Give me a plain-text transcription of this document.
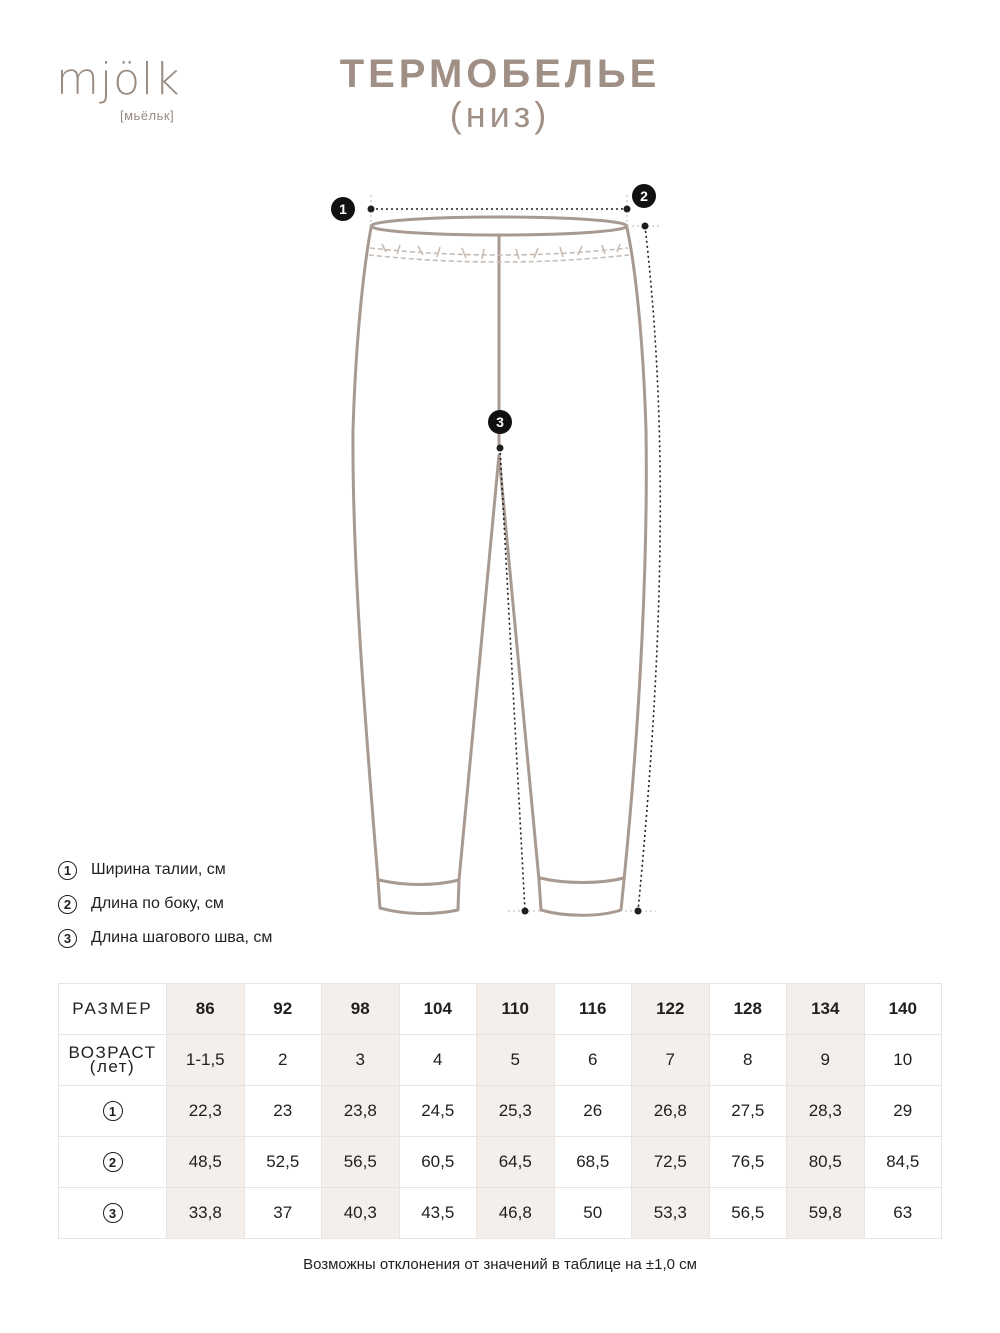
mjölk
[мьёльк]
ТЕРМОБЕЛЬЕ
(низ)
1
2
3
1	Ширина талии, см
2	Длина по боку, см
3	Длина шагового шва, см
РАЗМЕР	86	92	98	104	110	116	122	128	134	140

ВОЗРАСТ
(лет)	1-1,5	2	3	4	5	6	7	8	9	10
1	22,3	23	23,8	24,5	25,3	26	26,8	27,5	28,3	29
2	48,5	52,5	56,5	60,5	64,5	68,5	72,5	76,5	80,5	84,5
3	33,8	37	40,3	43,5	46,8	50	53,3	56,5	59,8	63
Возможны отклонения от значений в таблице на ±1,0 см
